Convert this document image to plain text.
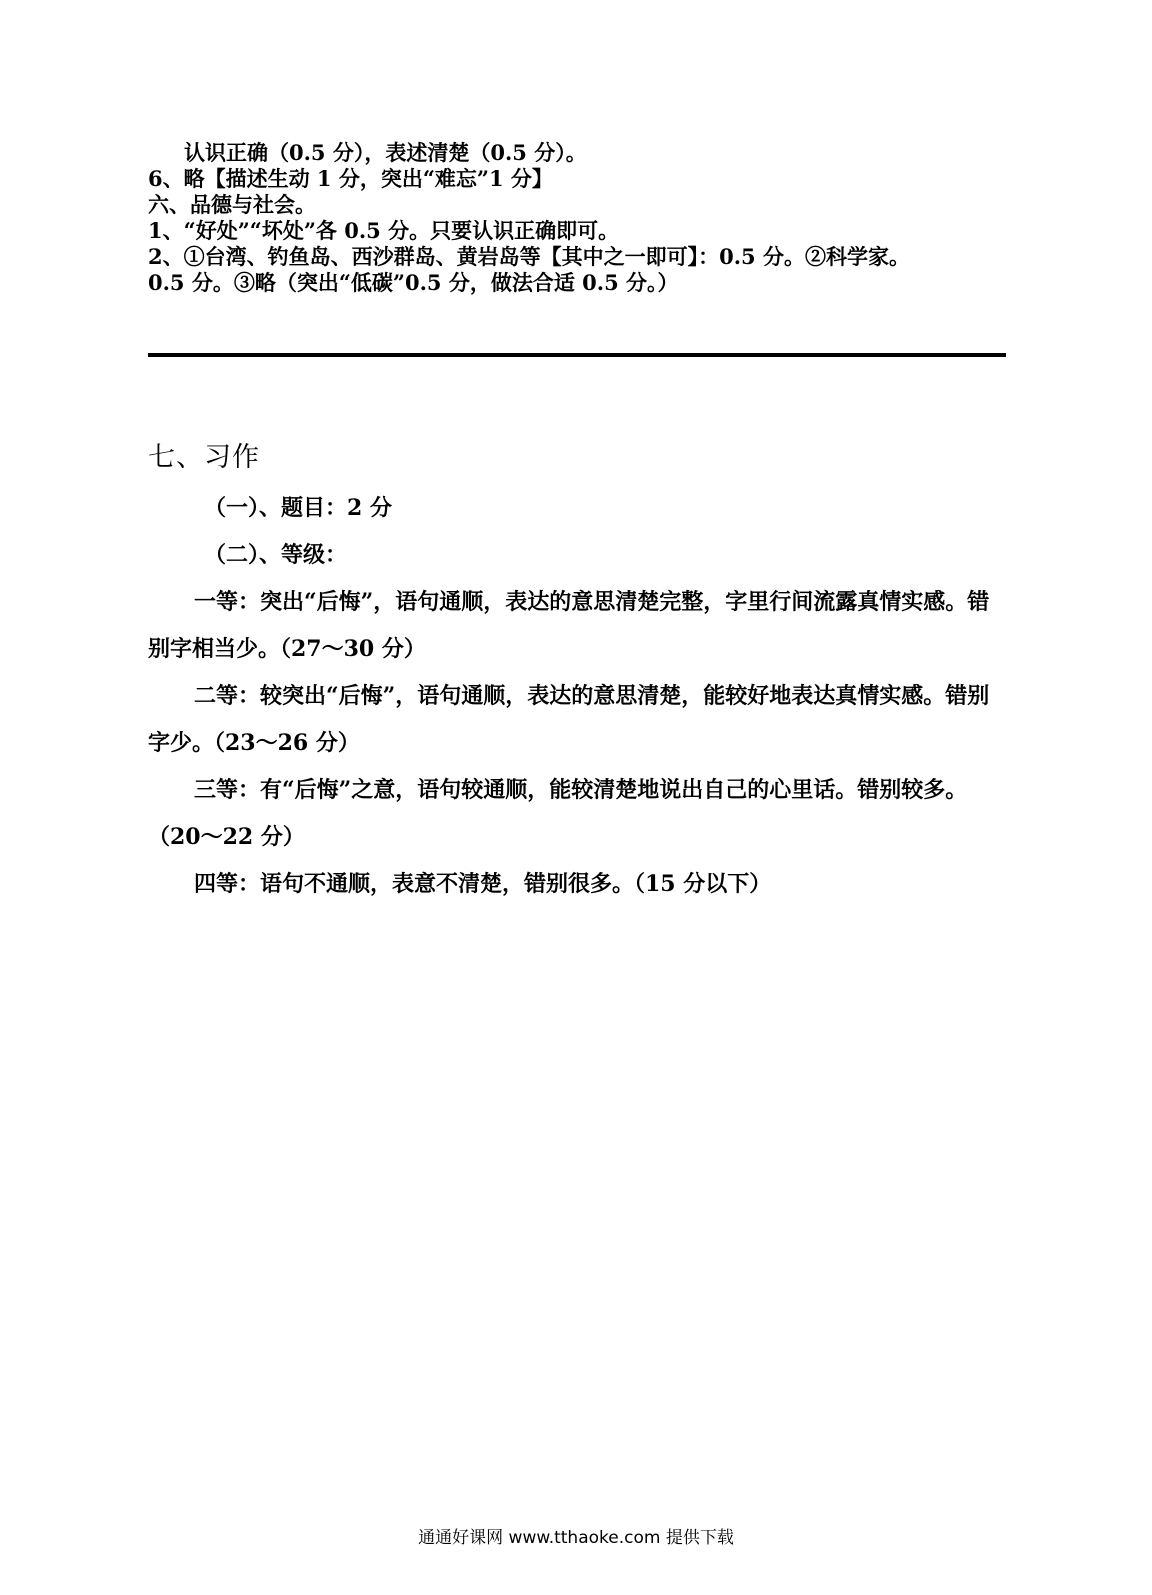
认识正确（0.5 分），表述清楚（0.5 分）。
6、略【描述生动 1 分，突出“难忘”1 分】
六、品德与社会。
1、“好处”“坏处”各 0.5 分。只要认识正确即可。
2、①台湾、钓鱼岛、西沙群岛、黄岩岛等【其中之一即可】：0.5 分。②科学家。
0.5 分。③略（突出“低碳”0.5 分，做法合适 0.5 分。）
七、习作
（一）、题目：2 分
（二）、等级：
一等：突出“后悔”，语句通顺，表达的意思清楚完整，字里行间流露真情实感。错别字相当少。（27～30 分）
二等：较突出“后悔”，语句通顺，表达的意思清楚，能较好地表达真情实感。错别字少。（23～26 分）
三等：有“后悔”之意，语句较通顺，能较清楚地说出自己的心里话。错别较多。（20～22 分）
四等：语句不通顺，表意不清楚，错别很多。（15 分以下）
通通好课网 www.tthaoke.com 提供下载
